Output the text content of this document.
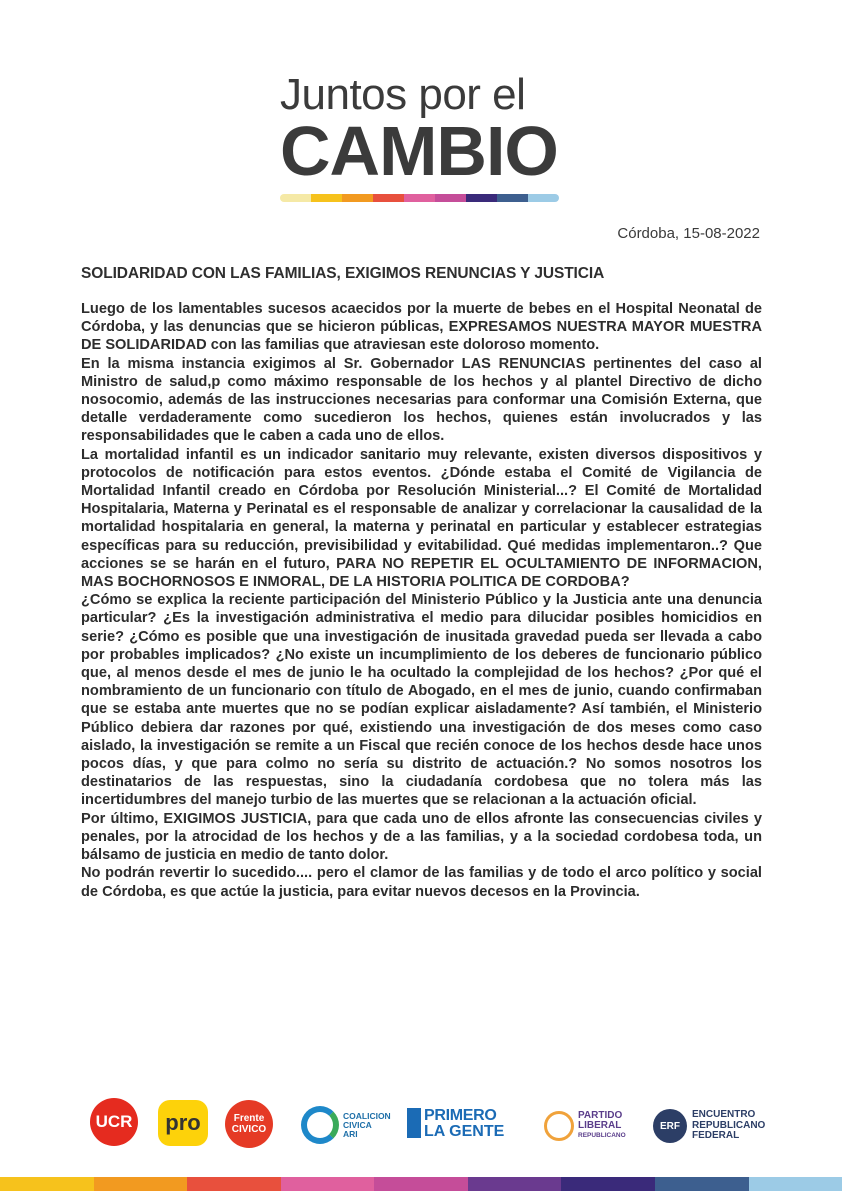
Juntos por el

CAMBIO

Córdoba, 15-08-2022

SOLIDARIDAD CON LAS FAMILIAS, EXIGIMOS RENUNCIAS Y JUSTICIA

Luego de los lamentables sucesos acaecidos por la muerte de bebes en el Hospital Neonatal de Córdoba, y las denuncias que se hicieron públicas, EXPRESAMOS NUESTRA MAYOR MUESTRA DE SOLIDARIDAD con las familias que atraviesan este doloroso momento.

En la misma instancia exigimos al Sr. Gobernador LAS RENUNCIAS pertinentes del caso al Ministro de salud,p como máximo responsable de los hechos y al plantel Directivo de dicho nosocomio, además de las instrucciones necesarias para conformar una Comisión Externa, que detalle verdaderamente como sucedieron los hechos, quienes están involucrados y las responsabilidades que le caben a cada uno de ellos.

La mortalidad infantil es un indicador sanitario muy relevante, existen diversos dispositivos y protocolos de notificación para estos eventos. ¿Dónde estaba el Comité de Vigilancia de Mortalidad Infantil creado en Córdoba por Resolución Ministerial...? El Comité de Mortalidad Hospitalaria, Materna y Perinatal es el responsable de analizar y correlacionar la causalidad de la mortalidad hospitalaria en general, la materna y perinatal en particular y establecer estrategias específicas para su reducción, previsibilidad y evitabilidad. Qué medidas implementaron..? Que acciones se se harán en el futuro, PARA NO REPETIR EL OCULTAMIENTO DE INFORMACION, MAS BOCHORNOSOS E INMORAL, DE LA HISTORIA POLITICA DE CORDOBA?

¿Cómo se explica la reciente participación del Ministerio Público y la Justicia ante una denuncia particular? ¿Es la investigación administrativa el medio para dilucidar posibles homicidios en serie? ¿Cómo es posible que una investigación de inusitada gravedad pueda ser llevada a cabo por probables implicados? ¿No existe un incumplimiento de los deberes de funcionario público que, al menos desde el mes de junio le ha ocultado la complejidad de los hechos? ¿Por qué el nombramiento de un funcionario con título de Abogado, en el mes de junio, cuando confirmaban que se estaba ante muertes que no se podían explicar aisladamente? Así también, el Ministerio Público debiera dar razones por qué, existiendo una investigación de dos meses como caso aislado, la investigación se remite a un Fiscal que recién conoce de los hechos desde hace unos pocos días, y que para colmo no sería su distrito de actuación.? No somos nosotros los destinatarios de las respuestas, sino la ciudadanía cordobesa que no tolera más las incertidumbres del manejo turbio de las muertes que se relacionan a la actuación oficial.

Por último, EXIGIMOS JUSTICIA, para que cada uno de ellos afronte las consecuencias civiles y penales, por la atrocidad de los hechos y de a las familias, y a la sociedad cordobesa toda, un bálsamo de justicia en medio de tanto dolor.

No podrán revertir lo sucedido.... pero el clamor de las familias y de todo el arco político y social de Córdoba, es que actúe la justicia, para evitar nuevos decesos en la Provincia.

UCR pro	Frente
CIVICO
COALICION
CIVICA
ARI
PRIMERO
LA GENTE
PARTIDO
LIBERAL
REPUBLICANO
ERF
ENCUENTRO
REPUBLICANO
FEDERAL
